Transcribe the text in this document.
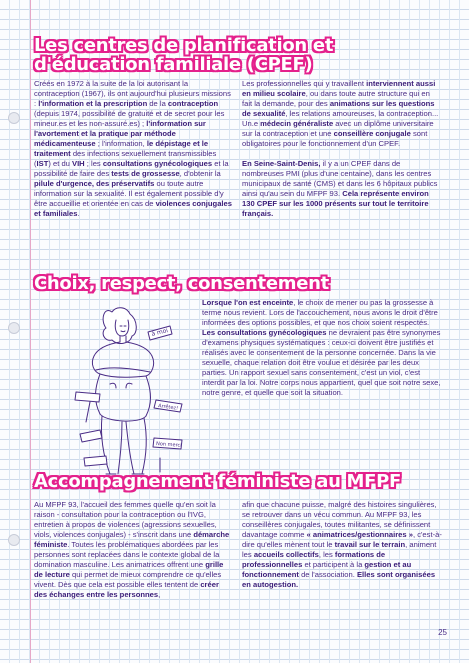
Les centres de planification et d'éducation familiale (CPEF)

Créés en 1972 à la suite de la loi autorisant la contraception (1967), ils ont aujourd'hui plusieurs missions : l'information et la prescription de la contraception (depuis 1974, possibilité de gratuité et de secret pour les mineur.es et les non-assuré.es) ; l'information sur l'avortement et la pratique par méthode médicamenteuse ; l'information, le dépistage et le traitement des infections sexuellement transmissibles (IST) et du VIH ; les consultations gynécologiques et la possibilité de faire des tests de grossesse, d'obtenir la pilule d'urgence, des préservatifs ou toute autre information sur la sexualité. Il est également possible d'y être accueillie et orientée en cas de violences conjugales et familiales.

Les professionnelles qui y travaillent interviennent aussi en milieu scolaire, ou dans toute autre structure qui en fait la demande, pour des animations sur les questions de sexualité, les relations amoureuses, la contraception... Un.e médecin généraliste avec un diplôme universitaire sur la contraception et une conseillère conjugale sont obligatoires pour le fonctionnement d'un CPEF.

En Seine-Saint-Denis, il y a un CPEF dans de nombreuses PMI (plus d'une centaine), dans les centres municipaux de santé (CMS) et dans les 6 hôpitaux publics ainsi qu'au sein du MFPF 93. Cela représente environ 130 CPEF sur les 1000 présents sur tout le territoire français.

Choix, respect, consentement
à moi
Arrêtez!
Non merci

Lorsque l'on est enceinte, le choix de mener ou pas la grossesse à terme nous revient. Lors de l'accouchement, nous avons le droit d'être informées des options possibles, et que nos choix soient respectés. Les consultations gynécologiques ne devraient pas être synonymes d'examens physiques systématiques : ceux-ci doivent être justifiés et réalisés avec le consentement de la personne concernée. Dans la vie sexuelle, chaque relation doit être voulue et désirée par les deux parties. Un rapport sexuel sans consentement, c'est un viol, c'est interdit par la loi. Notre corps nous appartient, quel que soit notre sexe, notre genre, et quelle que soit la situation.

Accompagnement féministe au MFPF

Au MFPF 93, l'accueil des femmes quelle qu'en soit la raison - consultation pour la contraception ou l'IVG, entretien à propos de violences (agressions sexuelles, viols, violences conjugales) - s'inscrit dans une démarche féministe. Toutes les problématiques abordées par les personnes sont replacées dans le contexte global de la domination masculine. Les animatrices offrent une grille de lecture qui permet de mieux comprendre ce qu'elles vivent. Dès que cela est possible elles tentent de créer des échanges entre les personnes,

afin que chacune puisse, malgré des histoires singulières, se retrouver dans un vécu commun. Au MFPF 93, les conseillères conjugales, toutes militantes, se définissent davantage comme « animatrices/gestionnaires », c'est-à-dire qu'elles mènent tout le travail sur le terrain, animent les accueils collectifs, les formations de professionnelles et participent à la gestion et au fonctionnement de l'association. Elles sont organisées en autogestion.

25
